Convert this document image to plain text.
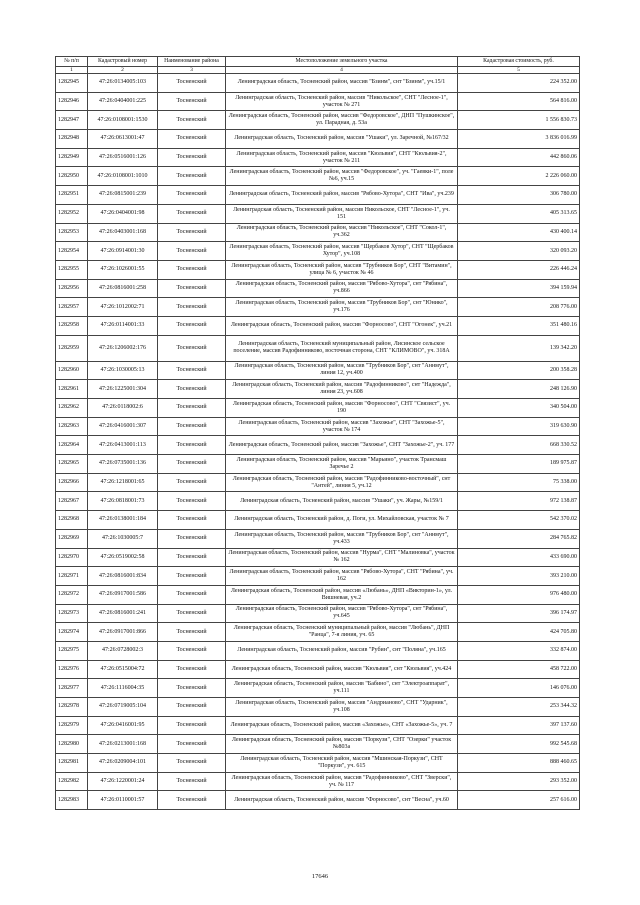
№ п/п	Кадастровый номер	Наименование района	Местоположение земельного участка	Кадастровая стоимость, руб.
1	2	3	4	5
1282945	47:26:0134005:103	Тосненский	Ленинградская область, Тосненский район, массив "Бзинм", снт "Бзинм", уч.15/1	224 352.00
1282946	47:26:0404001:225	Тосненский	Ленинградская область, Тосненский район, массив "Никольское", СНТ "Лесное-1", участок № 271	564 816.00
1282947	47:26:0108001:1530	Тосненский	Ленинградская область, Тосненский район, массив "Федоровское", ДНП "Пушкинское", ул. Парадная, д. 53а	1 556 830.73
1282948	47:26:0613001:47	Тосненский	Ленинградская область, Тосненский район, массив "Ушаки", ул. Заречной, №167/32	3 836 016.99
1282949	47:26:0516001:126	Тосненский	Ленинградская область, Тосненский район, массив "Кюльвия", СНТ "Кюльвия-2", участок № 211	442 860.06
1282950	47:26:0108001:1010	Тосненский	Ленинградская область, Тосненский район, массив "Федоровское", уч. "Гаевки-1", поле №6, уч.15	2 226 060.00
1282951	47:26:0815001:239	Тосненский	Ленинградская область, Тосненский район, массив "Рябово-Хутора", СНТ "Ива", уч.239	306 780.00
1282952	47:26:0404001:98	Тосненский	Ленинградская область, Тосненский район, массив Никольское, СНТ "Лесное-1", уч. 151	405 313.65
1282953	47:26:0403001:168	Тосненский	Ленинградская область, Тосненский район, массив "Никольское", СНТ "Сокол-1", уч.362	430 400.14
1282954	47:26:0914001:30	Тосненский	Ленинградская область, Тосненский район, массив "Щербаков Хутор", СНТ "Щербаков Хутор", уч.108	320 093.20
1282955	47:26:1026001:55	Тосненский	Ленинградская область, Тосненский район, массив "Трубников Бор", СНТ "Витамин", улица № 6, участок № 46	226 446.24
1282956	47:26:0816001:258	Тосненский	Ленинградская область, Тосненский район, массив "Рябово-Хутора", снт "Рябина", уч.866	394 159.94
1282957	47:26:1012002:71	Тосненский	Ленинградская область, Тосненский район, массив "Трубников Бор", снт "Юнико", уч.176	208 776.00
1282958	47:26:0114001:33	Тосненский	Ленинградская область, Тосненский район, массив "Форносово", СНТ "Огонек", уч.21	351 480.16
1282959	47:26:1206002:176	Тосненский	Ленинградская область, Тосненский муниципальный район, Лисинское сельское поселение, массив Радофинниково, восточная сторона, СНТ "КЛИМОВО", уч. 318А	139 342.20
1282960	47:26:1030005:13	Тосненский	Ленинградская область, Тосненский район, массив "Трубников Бор", снт "Аннмут", линия 12, уч.400	200 358.28
1282961	47:26:1225001:304	Тосненский	Ленинградская область, Тосненский район, массив "Радофинниково", снт "Надежда", линия 23, уч.608	248 126.90
1282962	47:26:0118002:6	Тосненский	Ленинградская область, Тосненский район, массив "Форносово", СНТ "Связист", уч. 190	340 504.00
1282963	47:26:0416001:307	Тосненский	Ленинградская область, Тосненский район, массив "Захожье", СНТ "Захожье-5", участок № 174	319 630.90
1282964	47:26:0413001:113	Тосненский	Ленинградская область, Тосненский район, массив "Захожье", СНТ "Захожье-2", уч. 177	668 330.52
1282965	47:26:0735001:136	Тосненский	Ленинградская область, Тосненский район, массив "Марьино", участок Трансмаш Заречье 2	189 975.87
1282966	47:26:1218001:65	Тосненский	Ленинградская область, Тосненский район, массив "Радофинниково-восточный", снт "Антей", линия 5, уч.12	75 338.00
1282967	47:26:0818001:73	Тосненский	Ленинградская область, Тосненский район, массив "Ушаки", уч. Жары, №159/1	972 138.87
1282968	47:26:0138001:184	Тосненский	Ленинградская область, Тосненский район, д. Поги, ул. Михайловская, участок № 7	542 370.02
1282969	47:26:1030005:7	Тосненский	Ленинградская область, Тосненский район, массив "Трубников Бор", снт "Аннмут", уч.433	284 765.82
1282970	47:26:0519002:58	Тосненский	Ленинградская область, Тосненский район, массив "Нурма", СНТ "Малиновка", участок № 162	433 690.00
1282971	47:26:0816001:834	Тосненский	Ленинградская область, Тосненский район, массив "Рябово-Хутора", СНТ "Рябина", уч. 162	393 210.00
1282972	47:26:0917001:586	Тосненский	Ленинградская область, Тосненский район, массив «Любань», ДНП «Викторин-1», ул. Вишневая, уч.2	976 480.00
1282973	47:26:0816001:241	Тосненский	Ленинградская область, Тосненский район, массив "Рябово-Хутора", снт "Рябина", уч.645	396 174.97
1282974	47:26:0917001:866	Тосненский	Ленинградская область, Тосненский муниципальный район, массив "Любань", ДНП "Ранца", 7-я линия, уч. 65	424 705.80
1282975	47:26:0728002:3	Тосненский	Ленинградская область, Тосненский район, массив "Рубин", снт "Поляна", уч.165	332 874.00
1282976	47:26:0515004:72	Тосненский	Ленинградская область, Тосненский район, массив "Кюльвия", снт "Кюльвия", уч.424	458 722.00
1282977	47:26:1116004:35	Тосненский	Ленинградская область, Тосненский район, массив "Бабино", снт "Электроаппарат", уч.111	146 076.00
1282978	47:26:0719005:104	Тосненский	Ленинградская область, Тосненский район, массив "Андрианово", СНТ "Ударник", уч.108	253 344.32
1282979	47:26:0416001:95	Тосненский	Ленинградская область, Тосненский район, массив «Захожье», СНТ «Захожье-5», уч. 7	397 137.60
1282980	47:26:0213001:168	Тосненский	Ленинградская область, Тосненский район, массив "Поркузи", СНТ "Озерки" участок №803а	992 545.68
1282981	47:26:0209004:101	Тосненский	Ленинградская область, Тосненский район, массив "Мшинская-Поркузи", СНТ "Поркузи", уч. 615	888 460.65
1282982	47:26:1220001:24	Тосненский	Ленинградская область, Тосненский район, массив "Радофинниково", СНТ "Зверски", уч. № 117	293 352.00
1282983	47:26:0110001:57	Тосненский	Ленинградская область, Тосненский район, массив "Форносово", снт "Весна", уч.60	257 616.00
17646
